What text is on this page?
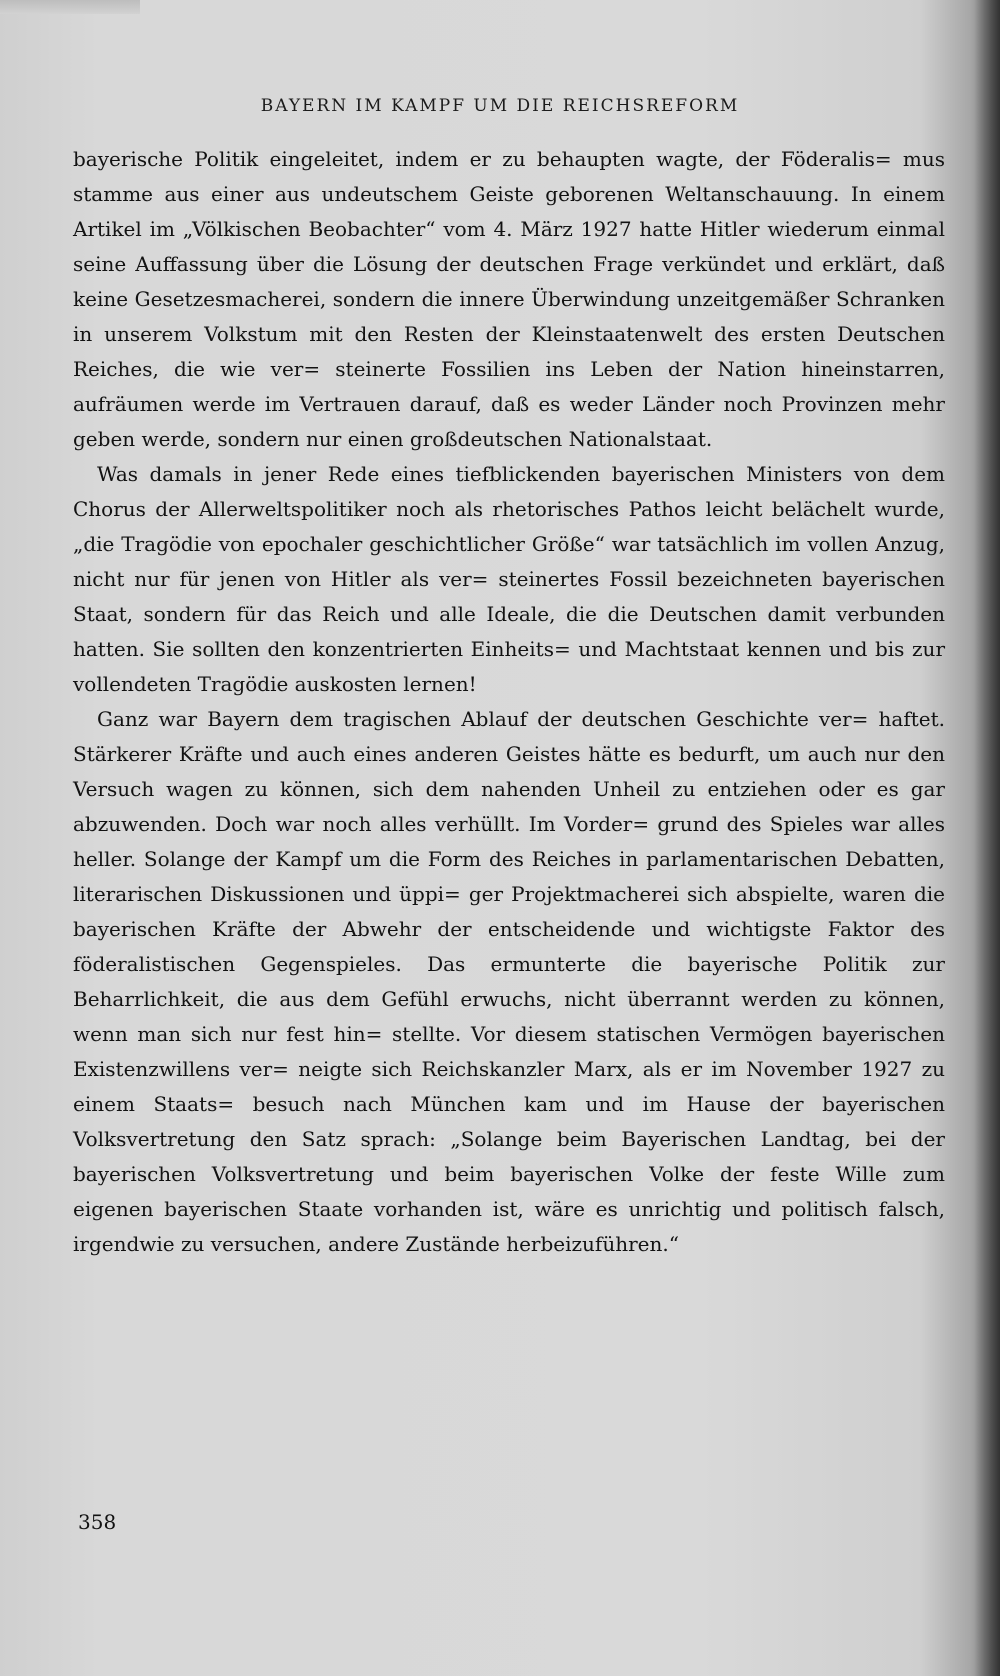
BAYERN IM KAMPF UM DIE REICHSREFORM

bayerische Politik eingeleitet, indem er zu behaupten wagte, der Föderalis= mus stamme aus einer aus undeutschem Geiste geborenen Weltanschauung. In einem Artikel im „Völkischen Beobachter“ vom 4. März 1927 hatte Hitler wiederum einmal seine Auffassung über die Lösung der deutschen Frage verkündet und erklärt, daß keine Gesetzesmacherei, sondern die innere Überwindung unzeitgemäßer Schranken in unserem Volkstum mit den Resten der Kleinstaatenwelt des ersten Deutschen Reiches, die wie ver= steinerte Fossilien ins Leben der Nation hineinstarren, aufräumen werde im Vertrauen darauf, daß es weder Länder noch Provinzen mehr geben werde, sondern nur einen großdeutschen Nationalstaat.

Was damals in jener Rede eines tiefblickenden bayerischen Ministers von dem Chorus der Allerweltspolitiker noch als rhetorisches Pathos leicht belächelt wurde, „die Tragödie von epochaler geschichtlicher Größe“ war tatsächlich im vollen Anzug, nicht nur für jenen von Hitler als ver= steinertes Fossil bezeichneten bayerischen Staat, sondern für das Reich und alle Ideale, die die Deutschen damit verbunden hatten. Sie sollten den konzentrierten Einheits= und Machtstaat kennen und bis zur vollendeten Tragödie auskosten lernen!

Ganz war Bayern dem tragischen Ablauf der deutschen Geschichte ver= haftet. Stärkerer Kräfte und auch eines anderen Geistes hätte es bedurft, um auch nur den Versuch wagen zu können, sich dem nahenden Unheil zu entziehen oder es gar abzuwenden. Doch war noch alles verhüllt. Im Vorder= grund des Spieles war alles heller. Solange der Kampf um die Form des Reiches in parlamentarischen Debatten, literarischen Diskussionen und üppi= ger Projektmacherei sich abspielte, waren die bayerischen Kräfte der Abwehr der entscheidende und wichtigste Faktor des föderalistischen Gegenspieles. Das ermunterte die bayerische Politik zur Beharrlichkeit, die aus dem Gefühl erwuchs, nicht überrannt werden zu können, wenn man sich nur fest hin= stellte. Vor diesem statischen Vermögen bayerischen Existenzwillens ver= neigte sich Reichskanzler Marx, als er im November 1927 zu einem Staats= besuch nach München kam und im Hause der bayerischen Volksvertretung den Satz sprach: „Solange beim Bayerischen Landtag, bei der bayerischen Volksvertretung und beim bayerischen Volke der feste Wille zum eigenen bayerischen Staate vorhanden ist, wäre es unrichtig und politisch falsch, irgendwie zu versuchen, andere Zustände herbeizuführen.“

358
